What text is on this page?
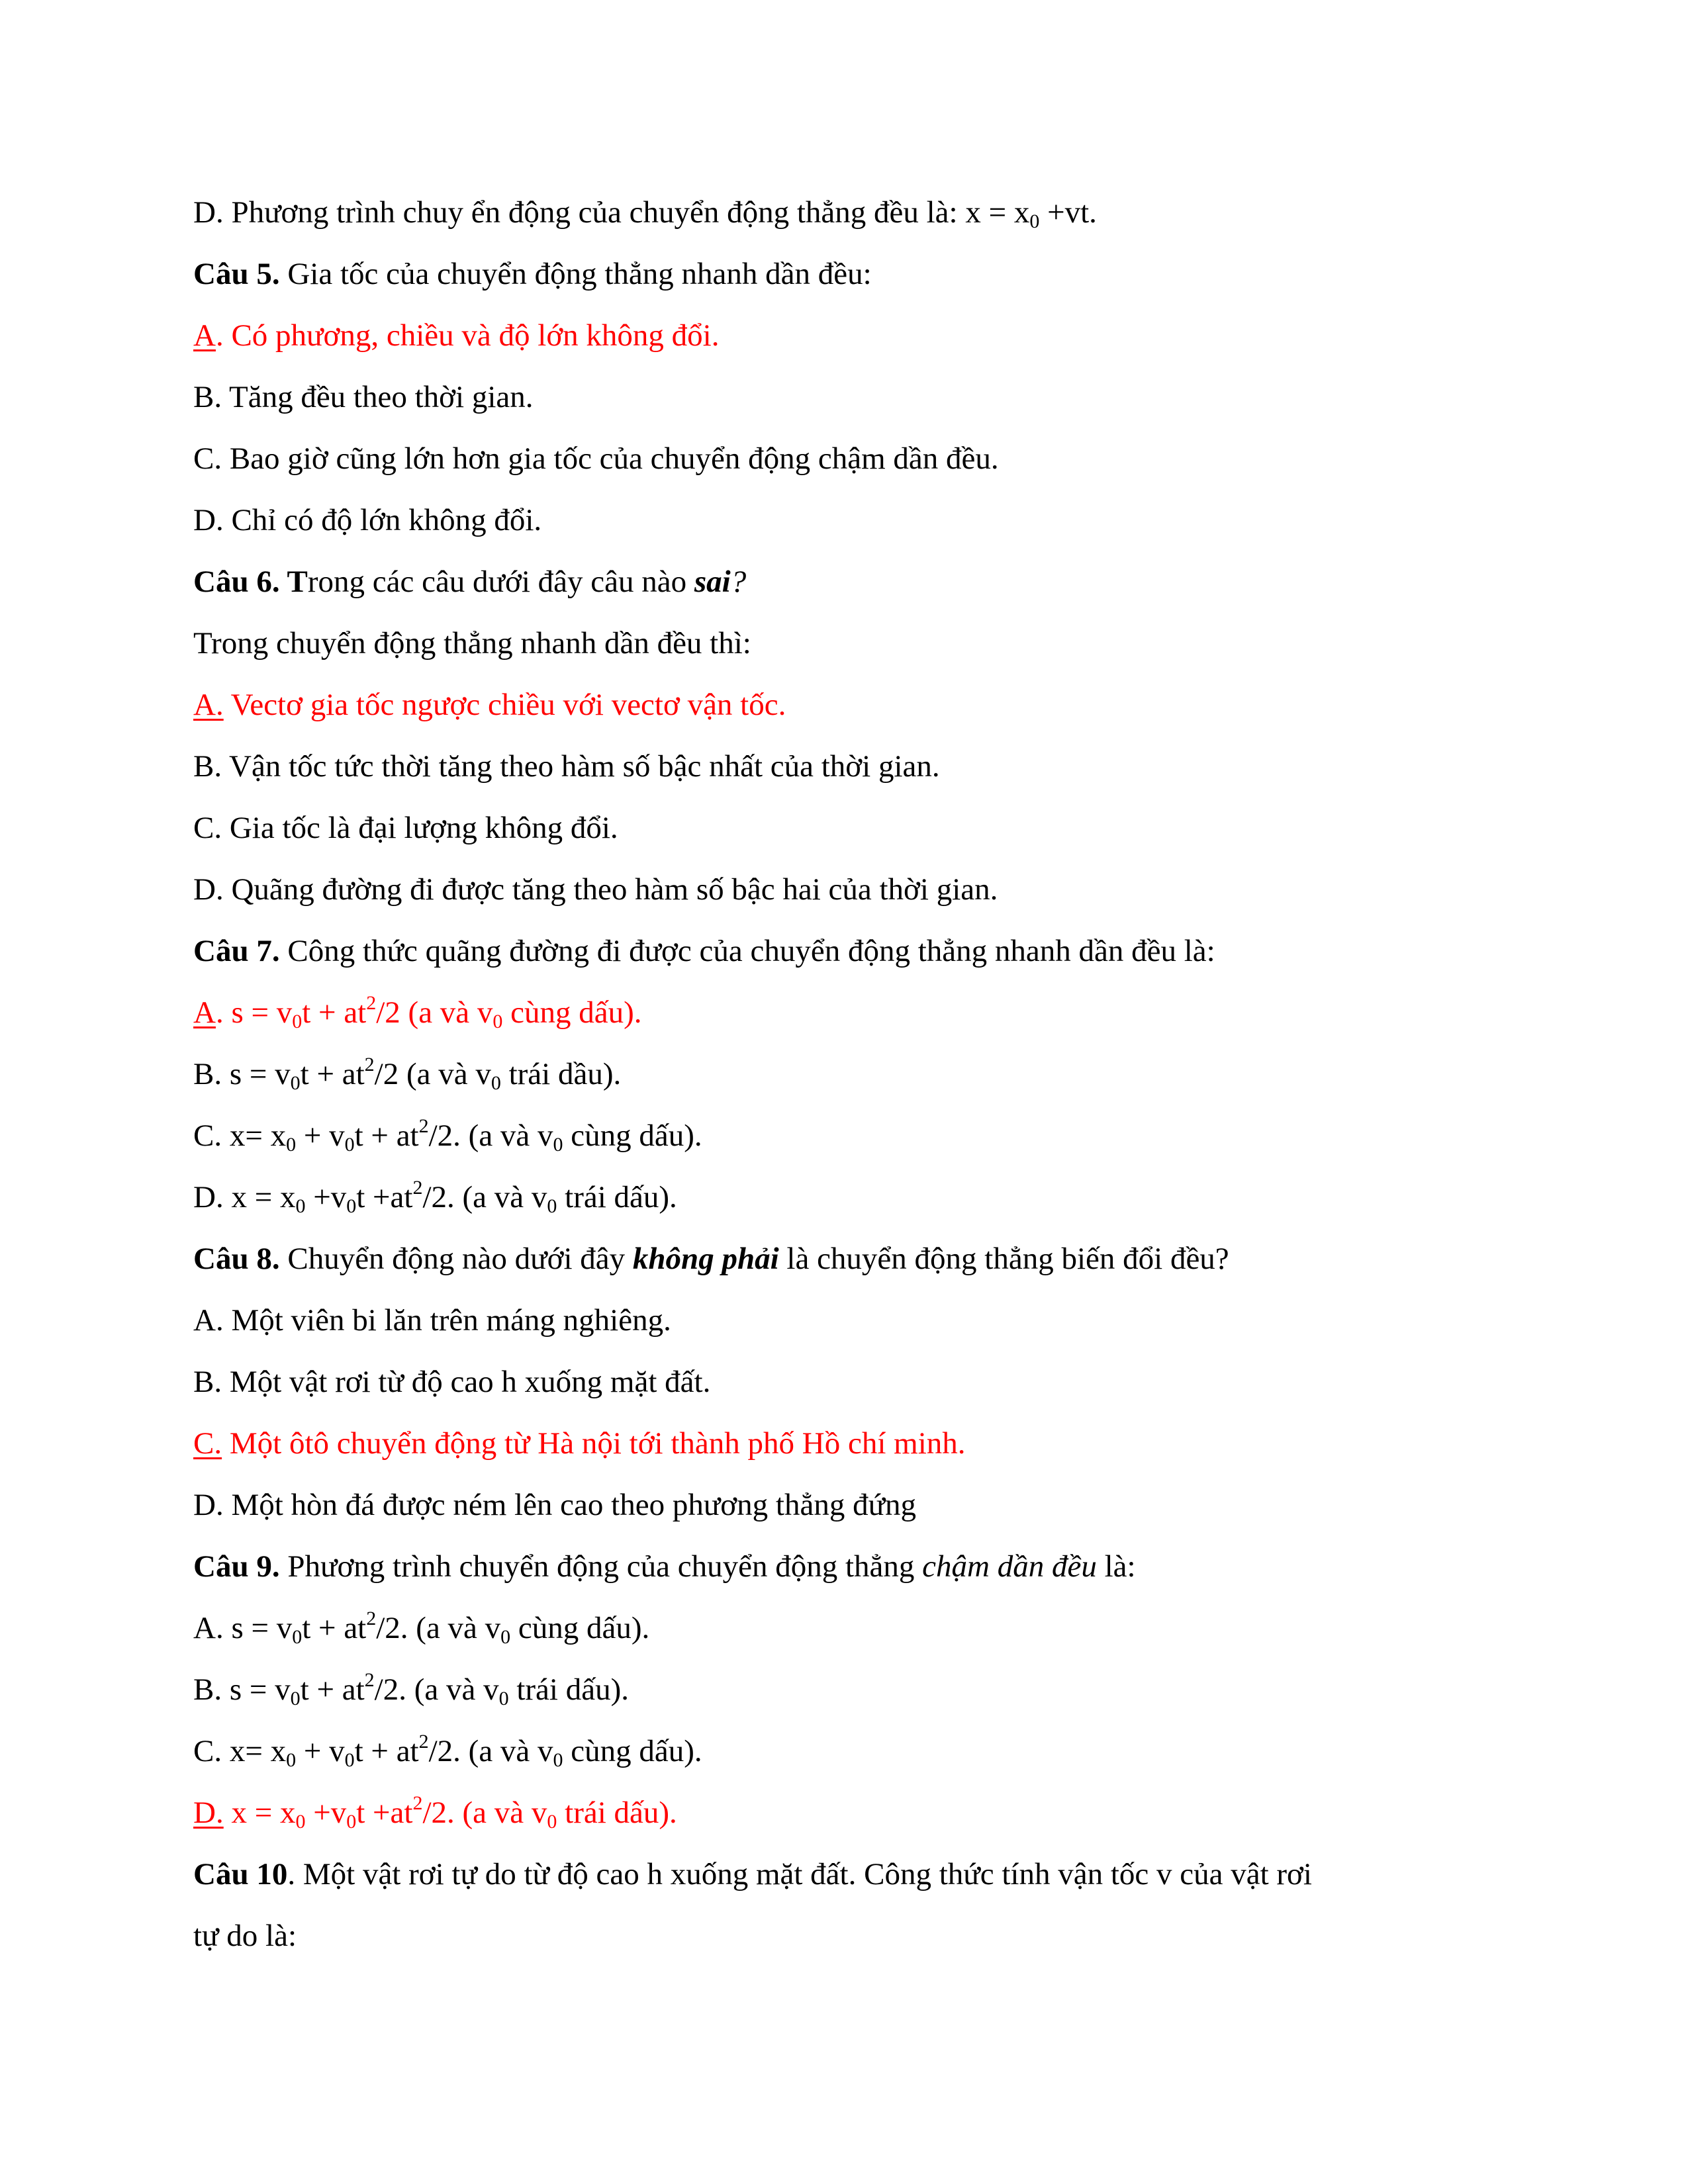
D. Phương trình chuy ển động của chuyển động thẳng đều là: $x = x_0 +vt$.
Câu 5. Gia tốc của chuyển động thẳng nhanh dần đều:
A. Có phương, chiều và độ lớn không đổi.
B. Tăng đều theo thời gian.
C. Bao giờ cũng lớn hơn gia tốc của chuyển động chậm dần đều.
D. Chỉ có độ lớn không đổi.
Câu 6. Trong các câu dưới đây câu nào sai?
Trong chuyển động thẳng nhanh dần đều thì:
A. Vectơ gia tốc ngược chiều với vectơ vận tốc.
B. Vận tốc tức thời tăng theo hàm số bậc nhất của thời gian.
C. Gia tốc là đại lượng không đổi.
D. Quãng đường đi được tăng theo hàm số bậc hai của thời gian.
Câu 7. Công thức quãng đường đi được của chuyển động thẳng nhanh dần đều là:
A. $s = v_0t + at^2/2$ (a và $v_0$ cùng dấu).
B. $s = v_0t + at^2/2$ (a và $v_0$ trái dầu).
C. $x= x_0 + v_0t + at^2/2$. (a và $v_0$ cùng dấu).
D. $x = x_0 +v_0t +at^2/2$. (a và $v_0$ trái dấu).
Câu 8. Chuyển động nào dưới đây không phải là chuyển động thẳng biến đổi đều?
A. Một viên bi lăn trên máng nghiêng.
B. Một vật rơi từ độ cao h xuống mặt đất.
C. Một ôtô chuyển động từ Hà nội tới thành phố Hồ chí minh.
D. Một hòn đá được ném lên cao theo phương thẳng đứng
Câu 9. Phương trình chuyển động của chuyển động thẳng chậm dần đều là:
A. $s = v_0t + at^2/2$. (a và $v_0$ cùng dấu).
B. $s = v_0t + at^2/2$. (a và $v_0$ trái dấu).
C. $x= x_0 + v_0t + at^2/2$. (a và $v_0$ cùng dấu).
D. $x = x_0 +v_0t +at^2/2$. (a và $v_0$ trái dấu).
Câu 10. Một vật rơi tự do từ độ cao h xuống mặt đất. Công thức tính vận tốc v của vật rơi
tự do là:
